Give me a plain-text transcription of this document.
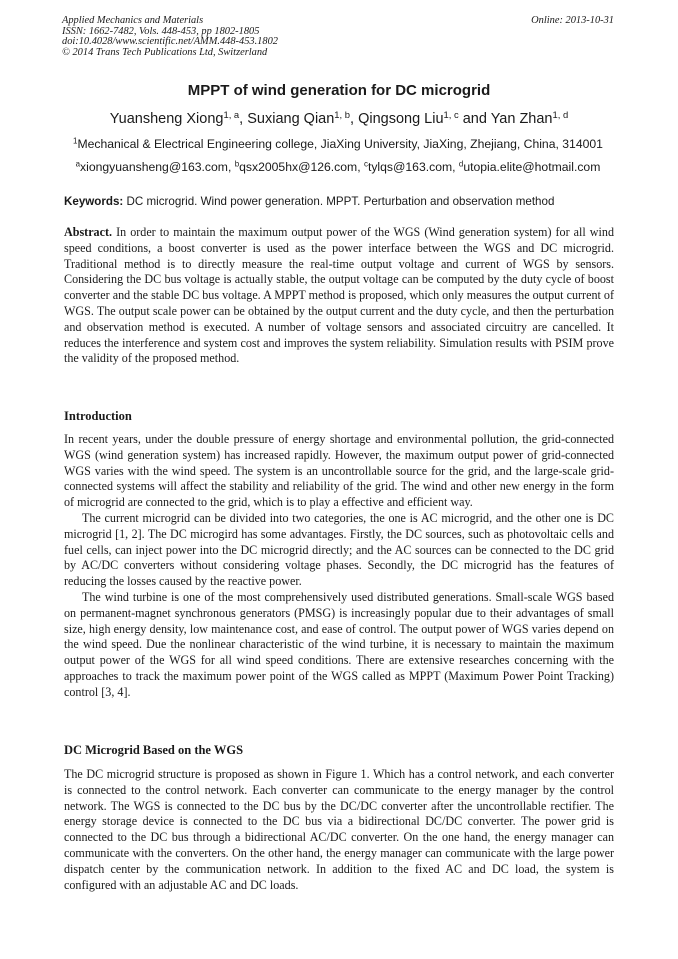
Applied Mechanics and Materials
ISSN: 1662-7482, Vols. 448-453, pp 1802-1805
doi:10.4028/www.scientific.net/AMM.448-453.1802
© 2014 Trans Tech Publications Ltd, Switzerland
Online: 2013-10-31
MPPT of wind generation for DC microgrid
Yuansheng Xiong$^{1, a}$, Suxiang Qian$^{1, b}$, Qingsong Liu$^{1, c}$ and Yan Zhan$^{1, d}$
$^1$Mechanical & Electrical Engineering college, JiaXing University, JiaXing, Zhejiang, China, 314001
$^a$xiongyuansheng@163.com, $^b$qsx2005hx@126.com, $^c$tylqs@163.com, $^d$utopia.elite@hotmail.com
Keywords: DC microgrid. Wind power generation. MPPT. Perturbation and observation method
Abstract. In order to maintain the maximum output power of the WGS (Wind generation system) for all wind speed conditions, a boost converter is used as the power interface between the WGS and DC microgrid. Traditional method is to directly measure the real-time output voltage and current of WGS by sensors. Considering the DC bus voltage is actually stable, the output voltage can be computed by the duty cycle of boost converter and the stable DC bus voltage. A MPPT method is proposed, which only measures the output current of WGS. The output scale power can be obtained by the output current and the duty cycle, and then the perturbation and observation method is executed. A number of voltage sensors and associated circuitry are cancelled. It reduces the interference and system cost and improves the system reliability. Simulation results with PSIM prove the validity of the proposed method.
Introduction

In recent years, under the double pressure of energy shortage and environmental pollution, the grid-connected WGS (wind generation system) has increased rapidly. However, the maximum output power of grid-connected WGS varies with the wind speed. The system is an uncontrollable source for the grid, and the large-scale grid-connected systems will affect the stability and reliability of the grid. The wind and other new energy in the form of microgrid are connected to the grid, which is to play a effective and efficient way.

The current microgrid can be divided into two categories, the one is AC microgrid, and the other one is DC microgrid [1, 2]. The DC microgird has some advantages. Firstly, the DC sources, such as photovoltaic cells and fuel cells, can inject power into the DC microgrid directly; and the AC sources can be connected to the DC grid by AC/DC converters without considering voltage phases. Secondly, the DC microgrid has the features of reducing the losses caused by the reactive power.

The wind turbine is one of the most comprehensively used distributed generations. Small-scale WGS based on permanent-magnet synchronous generators (PMSG) is increasingly popular due to their advantages of small size, high energy density, low maintenance cost, and ease of control. The output power of WGS varies depend on the wind speed. Due the nonlinear characteristic of the wind turbine, it is necessary to maintain the maximum output power of the WGS for all wind speed conditions. There are extensive researches concerning with the approaches to track the maximum power point of the WGS called as MPPT (Maximum Power Point Tracking) control [3, 4].

DC Microgrid Based on the WGS

The DC microgrid structure is proposed as shown in Figure 1. Which has a control network, and each converter is connected to the control network. Each converter can communicate to the energy manager by the control network. The WGS is connected to the DC bus by the DC/DC converter after the uncontrollable rectifier. The energy storage device is connected to the DC bus via a bidirectional DC/DC converter. The power grid is connected to the DC bus through a bidirectional AC/DC converter. On the one hand, the energy manager can communicate with the converters. On the other hand, the energy manager can communicate with the large power dispatch center by the communication network. In addition to the fixed AC and DC load, the system is configured with an adjustable AC and DC loads.
